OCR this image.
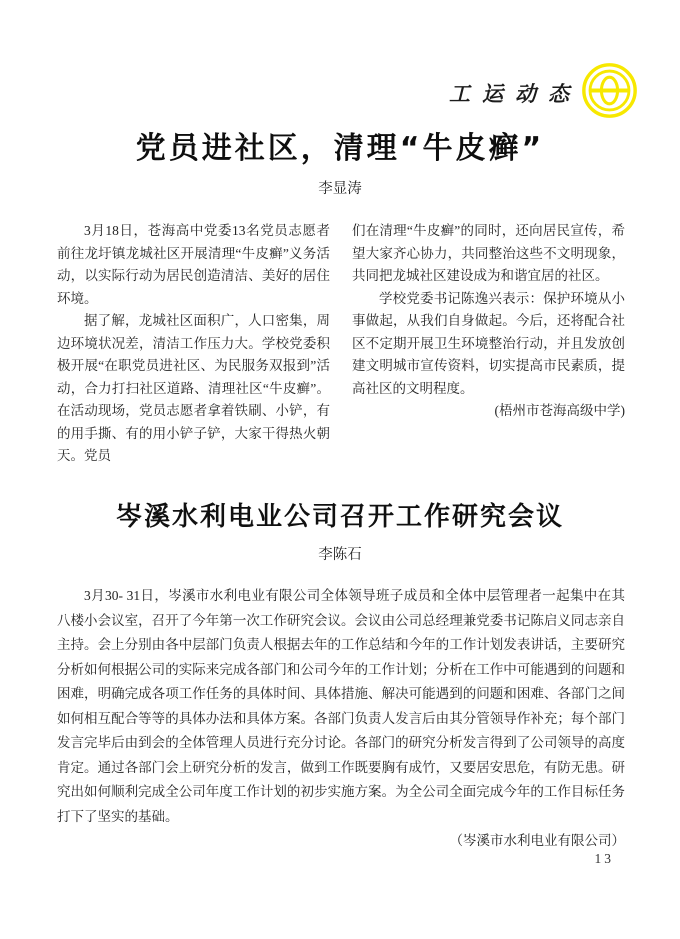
工运动态
党员进社区，清理“牛皮癣”
李显涛

3月18日，苍海高中党委13名党员志愿者前往龙圩镇龙城社区开展清理“牛皮癣”义务活动，以实际行动为居民创造清洁、美好的居住环境。

据了解，龙城社区面积广，人口密集，周边环境状况差，清洁工作压力大。学校党委积极开展“在职党员进社区、为民服务双报到”活动，合力打扫社区道路、清理社区“牛皮癣”。在活动现场，党员志愿者拿着铁刷、小铲，有的用手撕、有的用小铲子铲，大家干得热火朝天。党员

们在清理“牛皮癣”的同时，还向居民宣传，希望大家齐心协力，共同整治这些不文明现象，共同把龙城社区建设成为和谐宜居的社区。

学校党委书记陈逸兴表示：保护环境从小事做起，从我们自身做起。今后，还将配合社区不定期开展卫生环境整治行动，并且发放创建文明城市宣传资料，切实提高市民素质，提高社区的文明程度。
(梧州市苍海高级中学)

岑溪水利电业公司召开工作研究会议
李陈石

3月30- 31日，岑溪市水利电业有限公司全体领导班子成员和全体中层管理者一起集中在其八楼小会议室，召开了今年第一次工作研究会议。会议由公司总经理兼党委书记陈启义同志亲自主持。会上分别由各中层部门负责人根据去年的工作总结和今年的工作计划发表讲话，主要研究分析如何根据公司的实际来完成各部门和公司今年的工作计划；分析在工作中可能遇到的问题和困难，明确完成各项工作任务的具体时间、具体措施、解决可能遇到的问题和困难、各部门之间如何相互配合等等的具体办法和具体方案。各部门负责人发言后由其分管领导作补充；每个部门发言完毕后由到会的全体管理人员进行充分讨论。各部门的研究分析发言得到了公司领导的高度肯定。通过各部门会上研究分析的发言，做到工作既要胸有成竹，又要居安思危，有防无患。研究出如何顺利完成全公司年度工作计划的初步实施方案。为全公司全面完成今年的工作目标任务打下了坚实的基础。

（岑溪市水利电业有限公司）
13
